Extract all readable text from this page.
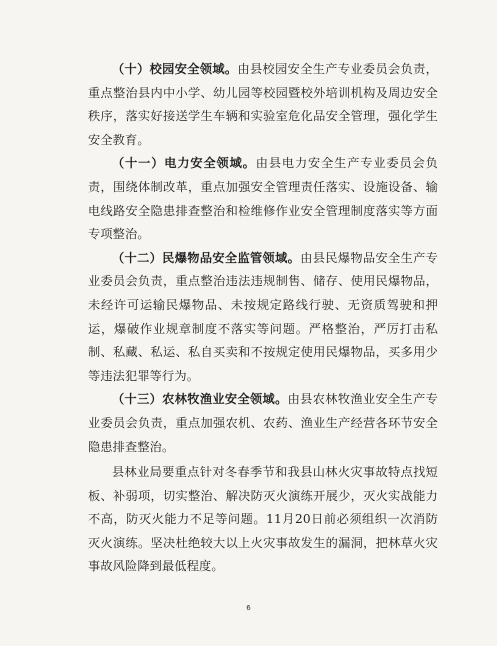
（十）校园安全领域。由县校园安全生产专业委员会负责，重点整治县内中小学、幼儿园等校园暨校外培训机构及周边安全秩序，落实好接送学生车辆和实验室危化品安全管理，强化学生安全教育。

（十一）电力安全领域。由县电力安全生产专业委员会负责，围绕体制改革，重点加强安全管理责任落实、设施设备、输电线路安全隐患排查整治和检维修作业安全管理制度落实等方面专项整治。

（十二）民爆物品安全监管领域。由县民爆物品安全生产专业委员会负责，重点整治违法违规制售、储存、使用民爆物品，未经许可运输民爆物品、未按规定路线行驶、无资质驾驶和押运，爆破作业规章制度不落实等问题。严格整治，严厉打击私制、私藏、私运、私自买卖和不按规定使用民爆物品，买多用少等违法犯罪等行为。

（十三）农林牧渔业安全领域。由县农林牧渔业安全生产专业委员会负责，重点加强农机、农药、渔业生产经营各环节安全隐患排查整治。

县林业局要重点针对冬春季节和我县山林火灾事故特点找短板、补弱项，切实整治、解决防灭火演练开展少，灭火实战能力不高，防灭火能力不足等问题。11月20日前必须组织一次消防灭火演练。坚决杜绝较大以上火灾事故发生的漏洞，把林草火灾事故风险降到最低程度。

6
